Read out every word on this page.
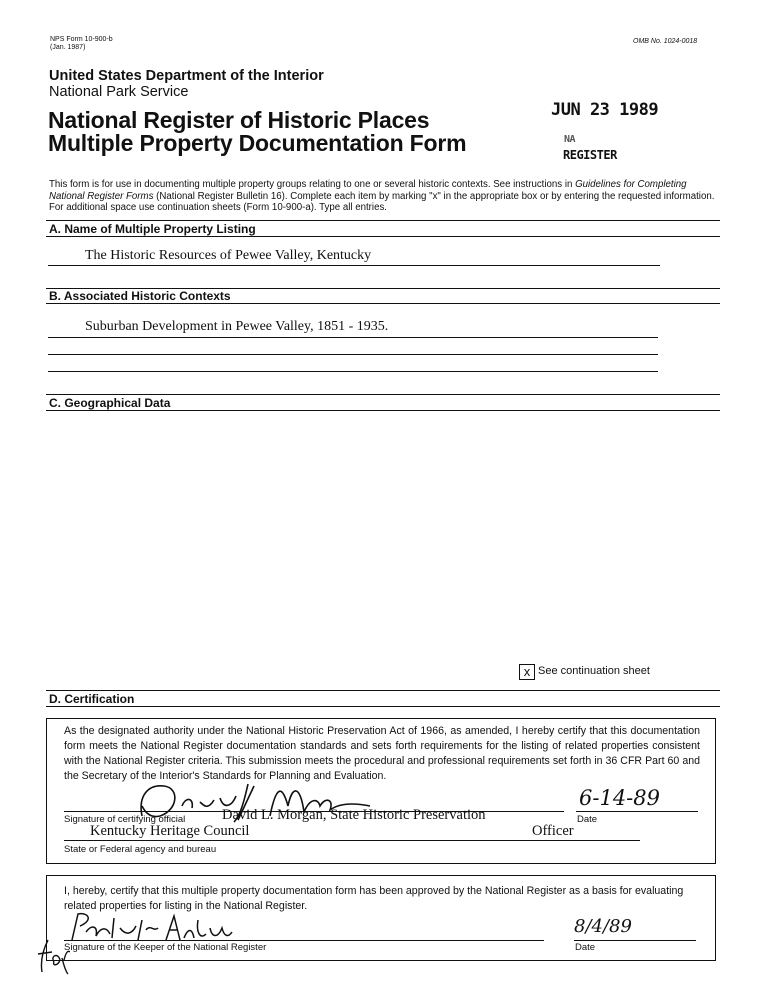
NPS Form 10-900-b
(Jan. 1987)
OMB No. 1024-0018
United States Department of the Interior
National Park Service
National Register of Historic Places
Multiple Property Documentation Form
JUN 23 1989
NA
REGISTER
This form is for use in documenting multiple property groups relating to one or several historic contexts. See instructions in Guidelines for Completing National Register Forms (National Register Bulletin 16). Complete each item by marking "x" in the appropriate box or by entering the requested information. For additional space use continuation sheets (Form 10-900-a). Type all entries.
A. Name of Multiple Property Listing
The Historic Resources of Pewee Valley, Kentucky
B. Associated Historic Contexts
Suburban Development in Pewee Valley, 1851 - 1935.
C. Geographical Data
x See continuation sheet
D. Certification
As the designated authority under the National Historic Preservation Act of 1966, as amended, I hereby certify that this documentation form meets the National Register documentation standards and sets forth requirements for the listing of related properties consistent with the National Register criteria. This submission meets the procedural and professional requirements set forth in 36 CFR Part 60 and the Secretary of the Interior's Standards for Planning and Evaluation.
Signature of certifying official	David L. Morgan, State Historic Preservation
6-14-89
Date
Kentucky Heritage Council	Officer
State or Federal agency and bureau
I, hereby, certify that this multiple property documentation form has been approved by the National Register as a basis for evaluating related properties for listing in the National Register.
Signature of the Keeper of the National Register
8/4/89
Date
